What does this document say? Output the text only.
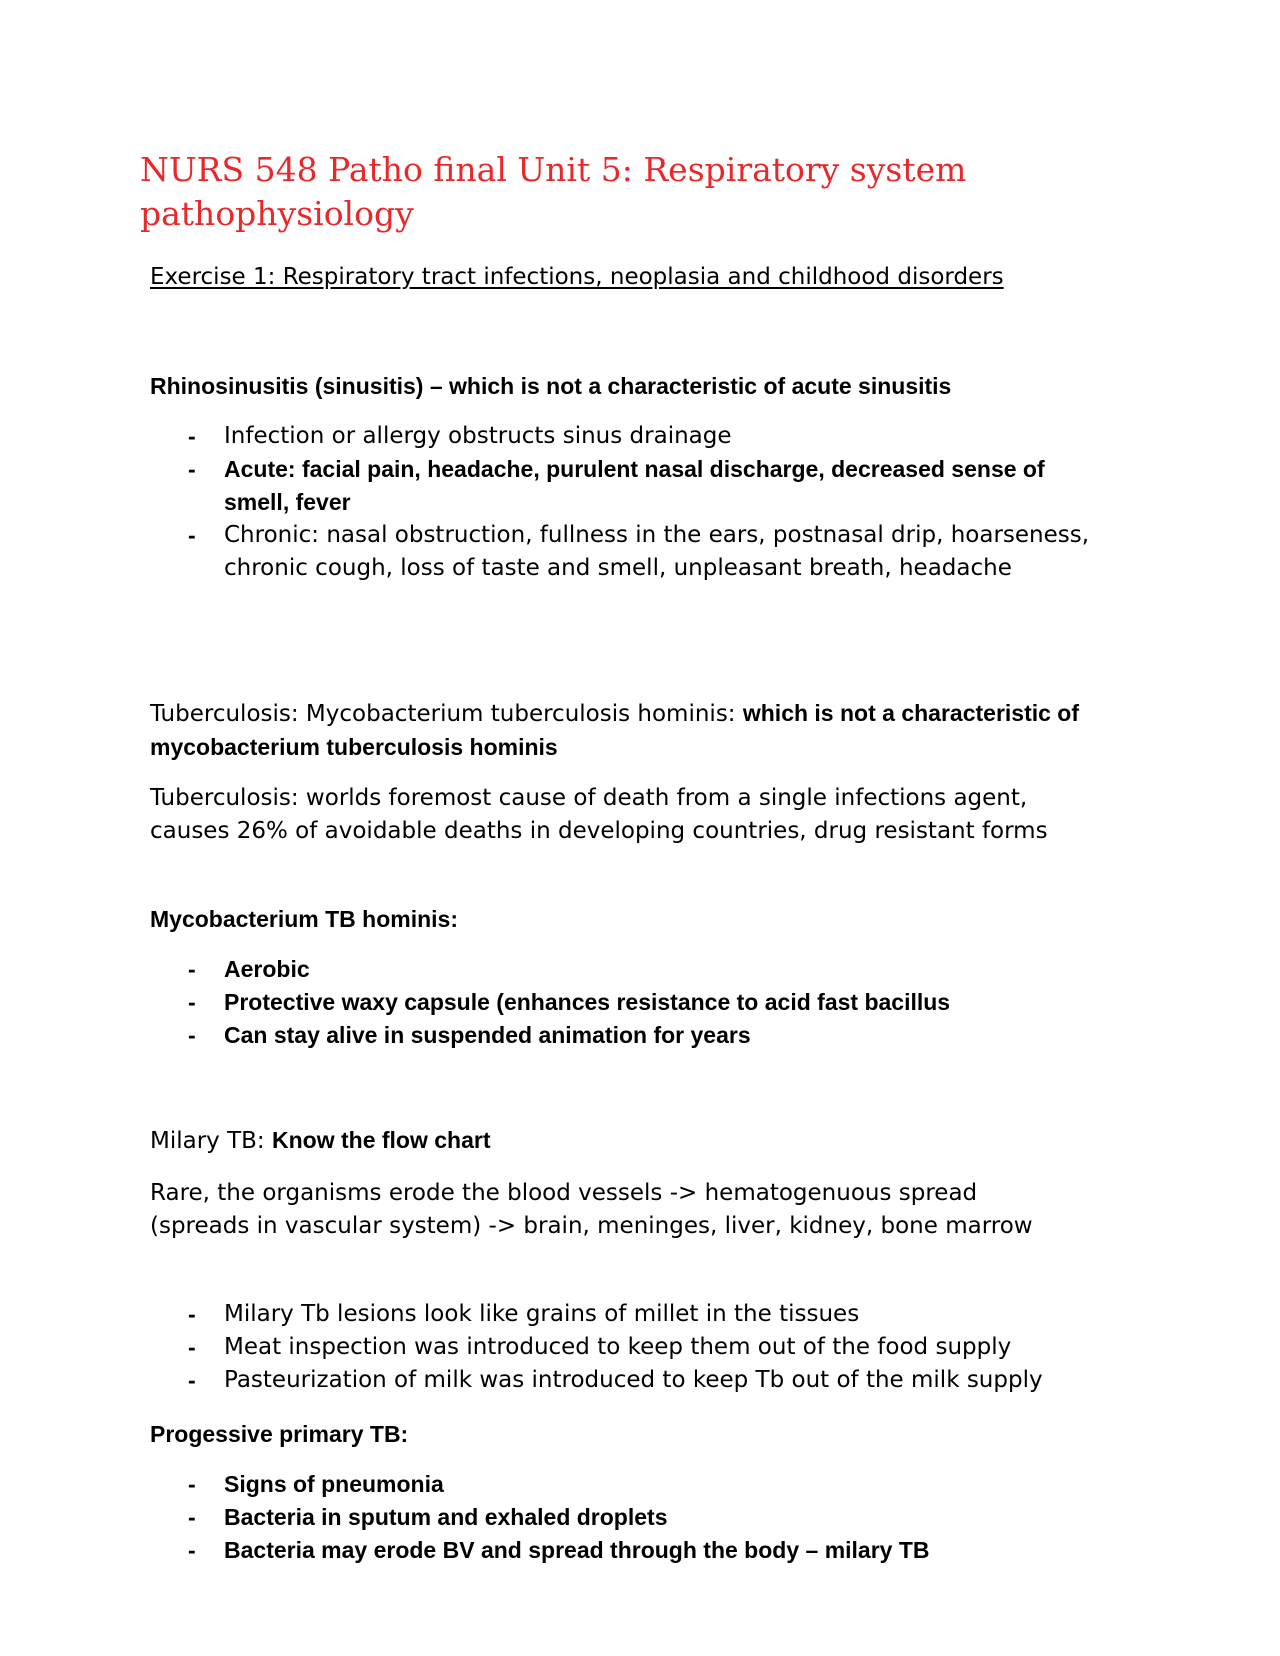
NURS 548 Patho final Unit 5: Respiratory system pathophysiology

Exercise 1: Respiratory tract infections, neoplasia and childhood disorders

Rhinosinusitis (sinusitis) – which is not a characteristic of acute sinusitis

- Infection or allergy obstructs sinus drainage
- Acute: facial pain, headache, purulent nasal discharge, decreased sense of smell, fever
- Chronic: nasal obstruction, fullness in the ears, postnasal drip, hoarseness, chronic cough, loss of taste and smell, unpleasant breath, headache

Tuberculosis: Mycobacterium tuberculosis hominis: which is not a characteristic of mycobacterium tuberculosis hominis

Tuberculosis: worlds foremost cause of death from a single infections agent, causes 26% of avoidable deaths in developing countries, drug resistant forms

Mycobacterium TB hominis:

- Aerobic
- Protective waxy capsule (enhances resistance to acid fast bacillus
- Can stay alive in suspended animation for years

Milary TB: Know the flow chart

Rare, the organisms erode the blood vessels -> hematogenuous spread (spreads in vascular system) -> brain, meninges, liver, kidney, bone marrow

- Milary Tb lesions look like grains of millet in the tissues
- Meat inspection was introduced to keep them out of the food supply
- Pasteurization of milk was introduced to keep Tb out of the milk supply

Progessive primary TB:

- Signs of pneumonia
- Bacteria in sputum and exhaled droplets
- Bacteria may erode BV and spread through the body – milary TB
